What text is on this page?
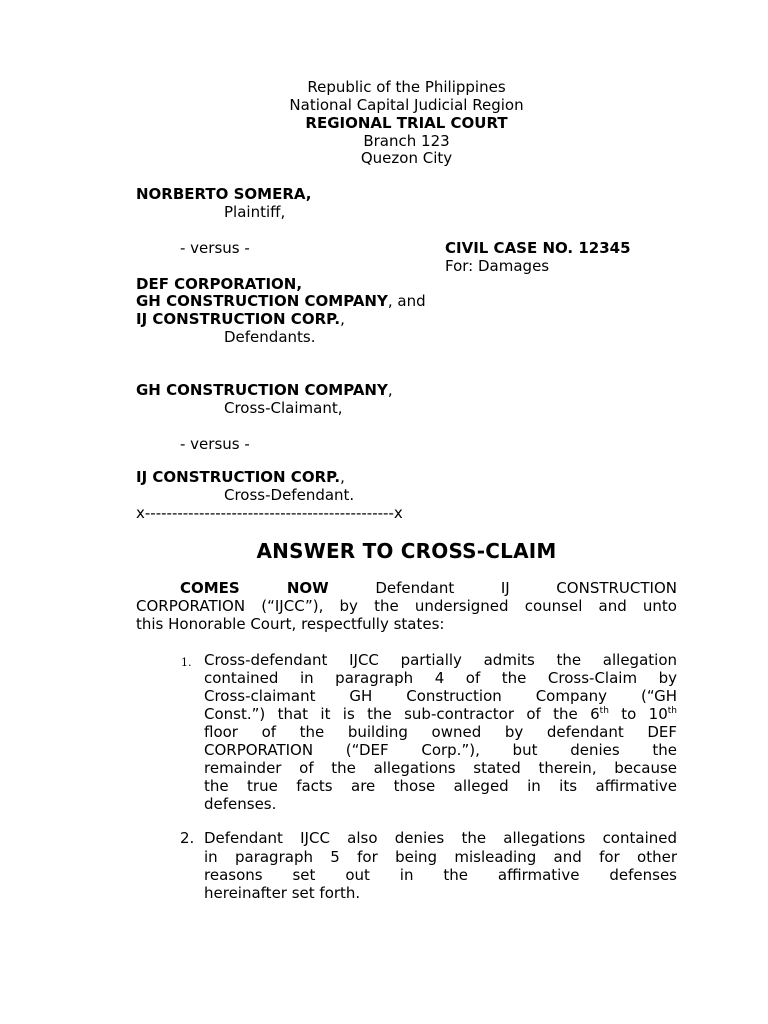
Republic of the Philippines
National Capital Judicial Region
REGIONAL TRIAL COURT
Branch 123
Quezon City
NORBERTO SOMERA,
Plaintiff,
- versus -	CIVIL CASE NO. 12345
For: Damages
DEF CORPORATION,
GH CONSTRUCTION COMPANY, and
IJ CONSTRUCTION CORP.,
Defendants.
GH CONSTRUCTION COMPANY,
Cross-Claimant,
- versus -
IJ CONSTRUCTION CORP.,
Cross-Defendant.
x----------------------------------------------x
ANSWER TO CROSS-CLAIM
COMES NOW	Defendant IJ CONSTRUCTION
CORPORATION (“IJCC”), by the undersigned counsel and unto
this Honorable Court, respectfully states:
1. Cross-defendant IJCC partially admits the allegation
contained in paragraph 4 of the Cross-Claim by
Cross-claimant GH Construction Company (“GH
Const.”) that it is the sub-contractor of the 6th to 10th
floor of the building owned by defendant DEF
CORPORATION (“DEF Corp.”), but denies the
remainder of the allegations stated therein, because
the true facts are those alleged in its affirmative
defenses.
2. Defendant IJCC also denies the allegations contained
in paragraph 5 for being misleading and for other
reasons set out in the affirmative defenses
hereinafter set forth.
